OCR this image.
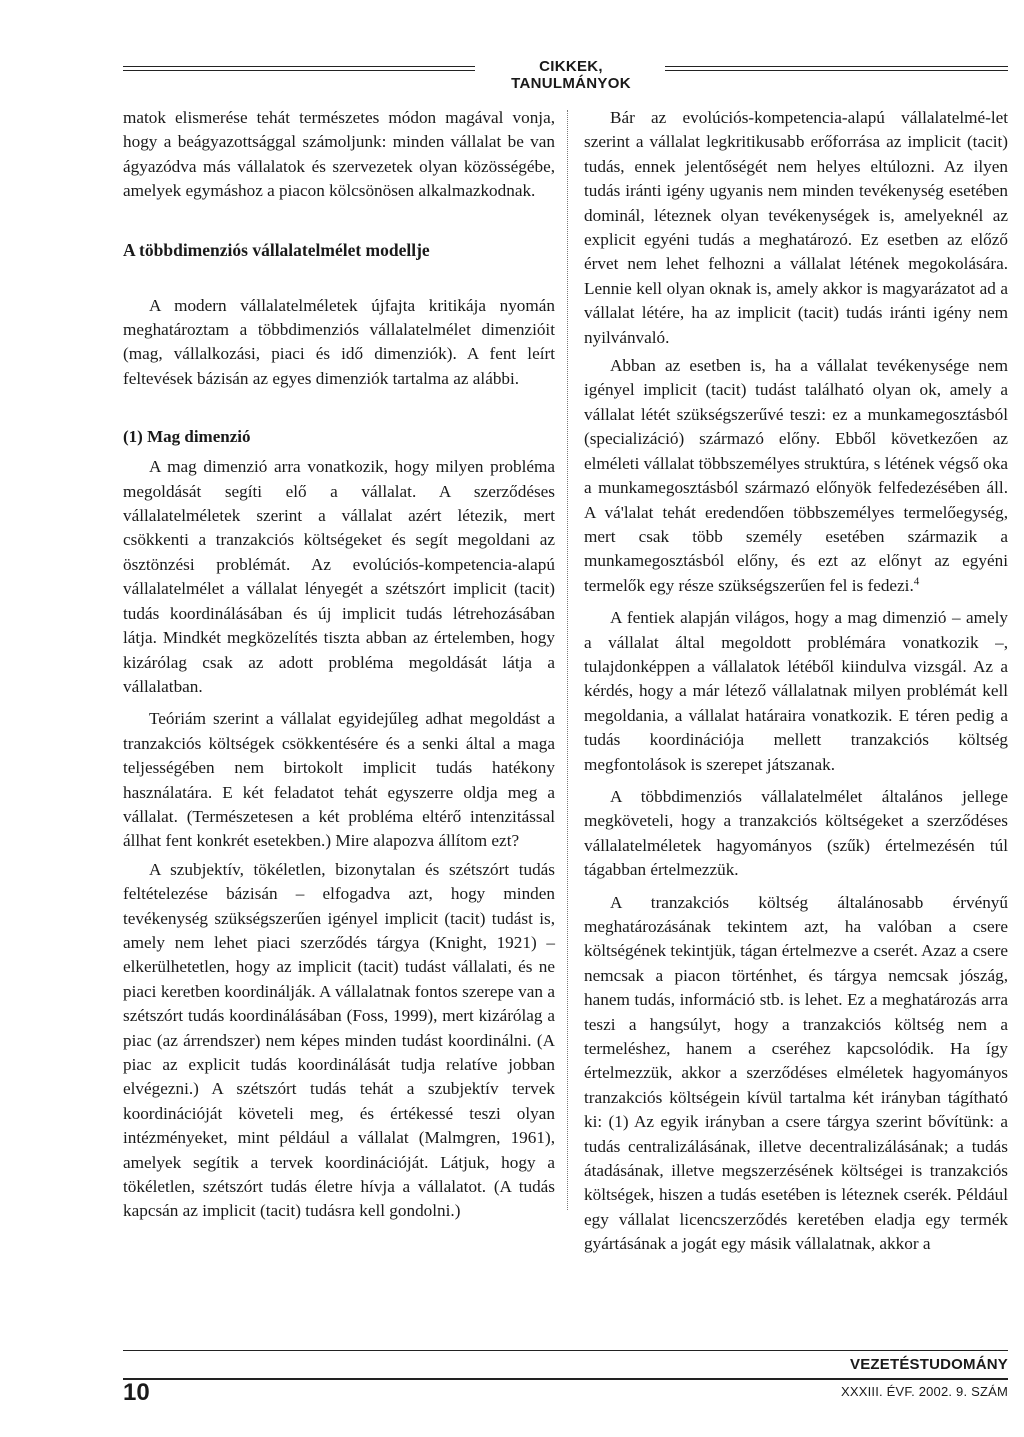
CIKKEK, TANULMÁNYOK

matok elismerése tehát természetes módon magával vonja, hogy a beágyazottsággal számoljunk: minden vállalat be van ágyazódva más vállalatok és szervezetek olyan közösségébe, amelyek egymáshoz a piacon kölcsönösen alkalmazkodnak.

A többdimenziós vállalatelmélet modellje

A modern vállalatelméletek újfajta kritikája nyomán meghatároztam a többdimenziós vállalatelmélet dimenzióit (mag, vállalkozási, piaci és idő dimenziók). A fent leírt feltevések bázisán az egyes dimenziók tartalma az alábbi.

(1) Mag dimenzió

A mag dimenzió arra vonatkozik, hogy milyen probléma megoldását segíti elő a vállalat. A szerződéses vállalatelméletek szerint a vállalat azért létezik, mert csökkenti a tranzakciós költségeket és segít megoldani az ösztönzési problémát. Az evolúciós-kompetencia-alapú vállalatelmélet a vállalat lényegét a szétszórt implicit (tacit) tudás koordinálásában és új implicit tudás létrehozásában látja. Mindkét megközelítés tiszta abban az értelemben, hogy kizárólag csak az adott probléma megoldását látja a vállalatban.

Teóriám szerint a vállalat egyidejűleg adhat megoldást a tranzakciós költségek csökkentésére és a senki által a maga teljességében nem birtokolt implicit tudás hatékony használatára. E két feladatot tehát egyszerre oldja meg a vállalat. (Természetesen a két probléma eltérő intenzitással állhat fent konkrét esetekben.) Mire alapozva állítom ezt?

A szubjektív, tökéletlen, bizonytalan és szétszórt tudás feltételezése bázisán – elfogadva azt, hogy minden tevékenység szükségszerűen igényel implicit (tacit) tudást is, amely nem lehet piaci szerződés tárgya (Knight, 1921) – elkerülhetetlen, hogy az implicit (tacit) tudást vállalati, és ne piaci keretben koordinálják. A vállalatnak fontos szerepe van a szétszórt tudás koordinálásában (Foss, 1999), mert kizárólag a piac (az árrendszer) nem képes minden tudást koordinálni. (A piac az explicit tudás koordinálását tudja relatíve jobban elvégezni.) A szétszórt tudás tehát a szubjektív tervek koordinációját követeli meg, és értékessé teszi olyan intézményeket, mint például a vállalat (Malmgren, 1961), amelyek segítik a tervek koordinációját. Látjuk, hogy a tökéletlen, szétszórt tudás életre hívja a vállalatot. (A tudás kapcsán az implicit (tacit) tudásra kell gondolni.)

Bár az evolúciós-kompetencia-alapú vállalatelmé-let szerint a vállalat legkritikusabb erőforrása az implicit (tacit) tudás, ennek jelentőségét nem helyes eltúlozni. Az ilyen tudás iránti igény ugyanis nem minden tevékenység esetében dominál, léteznek olyan tevékenységek is, amelyeknél az explicit egyéni tudás a meghatározó. Ez esetben az előző érvet nem lehet felhozni a vállalat létének megokolására. Lennie kell olyan oknak is, amely akkor is magyarázatot ad a vállalat létére, ha az implicit (tacit) tudás iránti igény nem nyilvánvaló.

Abban az esetben is, ha a vállalat tevékenysége nem igényel implicit (tacit) tudást található olyan ok, amely a vállalat létét szükségszerűvé teszi: ez a munkamegosztásból (specializáció) származó előny. Ebből következően az elméleti vállalat többszemélyes struktúra, s létének végső oka a munkamegosztásból származó előnyök felfedezésében áll. A vá'lalat tehát eredendően többszemélyes termelőegység, mert csak több személy esetében származik a munkamegosztásból előny, és ezt az előnyt az egyéni termelők egy része szükségszerűen fel is fedezi.$^4$

A fentiek alapján világos, hogy a mag dimenzió – amely a vállalat által megoldott problémára vonatkozik –, tulajdonképpen a vállalatok létéből kiindulva vizsgál. Az a kérdés, hogy a már létező vállalatnak milyen problémát kell megoldania, a vállalat határaira vonatkozik. E téren pedig a tudás koordinációja mellett tranzakciós költség megfontolások is szerepet játszanak.

A többdimenziós vállalatelmélet általános jellege megköveteli, hogy a tranzakciós költségeket a szerződéses vállalatelméletek hagyományos (szűk) értelmezésén túl tágabban értelmezzük.

A tranzakciós költség általánosabb érvényű meghatározásának tekintem azt, ha valóban a csere költségének tekintjük, tágan értelmezve a cserét. Azaz a csere nemcsak a piacon történhet, és tárgya nemcsak jószág, hanem tudás, információ stb. is lehet. Ez a meghatározás arra teszi a hangsúlyt, hogy a tranzakciós költség nem a termeléshez, hanem a cseréhez kapcsolódik. Ha így értelmezzük, akkor a szerződéses elméletek hagyományos tranzakciós költségein kívül tartalma két irányban tágítható ki: (1) Az egyik irányban a csere tárgya szerint bővítünk: a tudás centralizálásának, illetve decentralizálásának; a tudás átadásának, illetve megszerzésének költségei is tranzakciós költségek, hiszen a tudás esetében is léteznek cserék. Például egy vállalat licencszerződés keretében eladja egy termék gyártásának a jogát egy másik vállalatnak, akkor a

VEZETÉSTUDOMÁNY
10	XXXIII. ÉVF. 2002. 9. SZÁM
